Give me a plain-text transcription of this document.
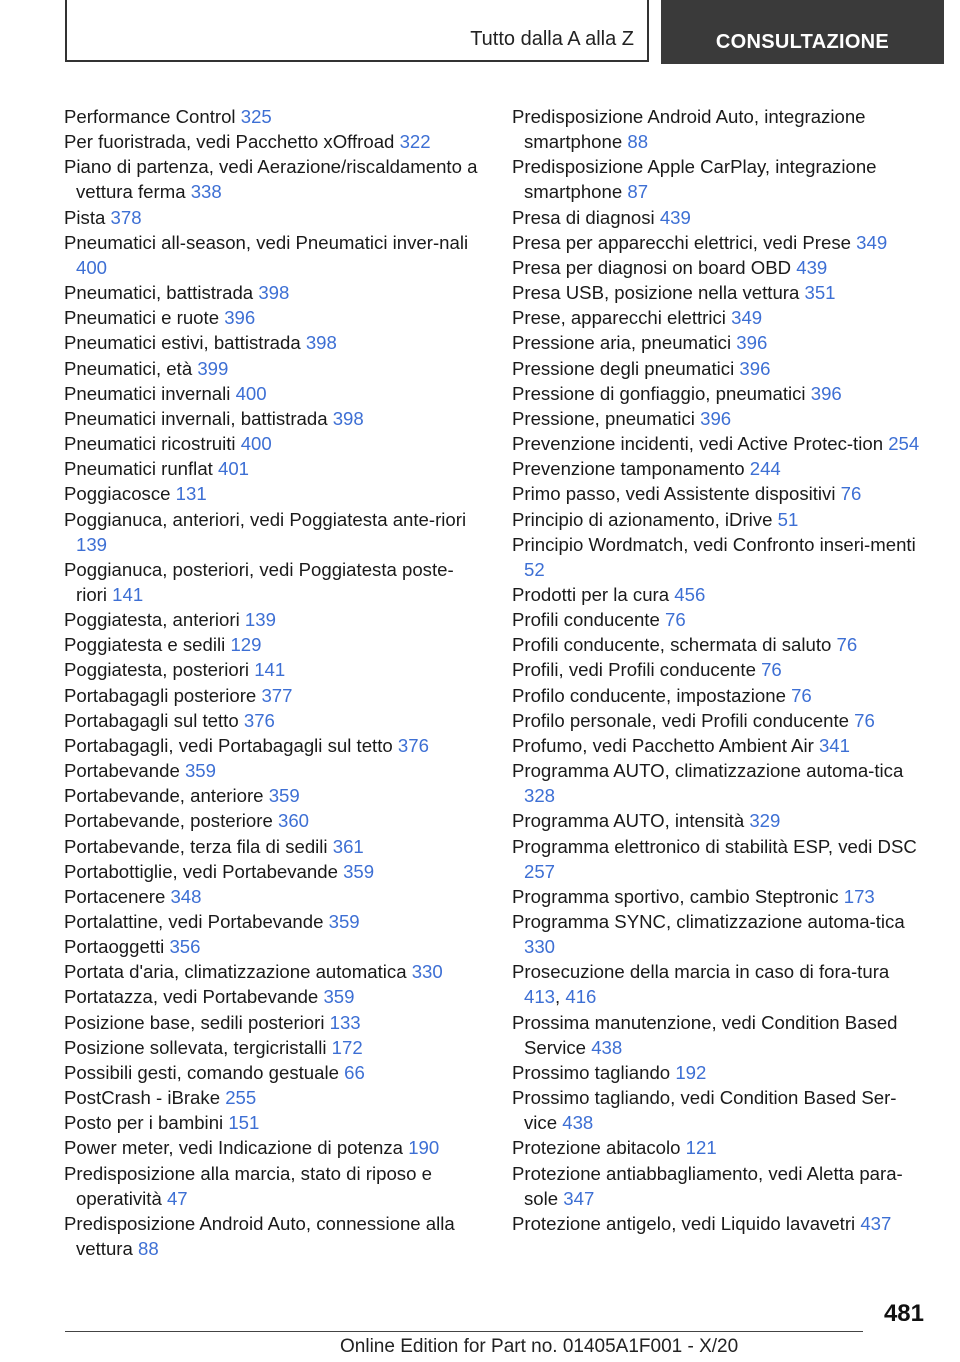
Tutto dalla A alla Z	CONSULTAZIONE
Performance Control 325
Per fuoristrada, vedi Pacchetto xOffroad 322
Piano di partenza, vedi Aerazione/riscaldamento a vettura ferma 338
Pista 378
Pneumatici all-season, vedi Pneumatici inver-nali 400
Pneumatici, battistrada 398
Pneumatici e ruote 396
Pneumatici estivi, battistrada 398
Pneumatici, età 399
Pneumatici invernali 400
Pneumatici invernali, battistrada 398
Pneumatici ricostruiti 400
Pneumatici runflat 401
Poggiacosce 131
Poggianuca, anteriori, vedi Poggiatesta ante-riori 139
Poggianuca, posteriori, vedi Poggiatesta poste-riori 141
Poggiatesta, anteriori 139
Poggiatesta e sedili 129
Poggiatesta, posteriori 141
Portabagagli posteriore 377
Portabagagli sul tetto 376
Portabagagli, vedi Portabagagli sul tetto 376
Portabevande 359
Portabevande, anteriore 359
Portabevande, posteriore 360
Portabevande, terza fila di sedili 361
Portabottiglie, vedi Portabevande 359
Portacenere 348
Portalattine, vedi Portabevande 359
Portaoggetti 356
Portata d'aria, climatizzazione automatica 330
Portatazza, vedi Portabevande 359
Posizione base, sedili posteriori 133
Posizione sollevata, tergicristalli 172
Possibili gesti, comando gestuale 66
PostCrash - iBrake 255
Posto per i bambini 151
Power meter, vedi Indicazione di potenza 190
Predisposizione alla marcia, stato di riposo e operatività 47
Predisposizione Android Auto, connessione alla vettura 88
Predisposizione Android Auto, integrazione smartphone 88
Predisposizione Apple CarPlay, integrazione smartphone 87
Presa di diagnosi 439
Presa per apparecchi elettrici, vedi Prese 349
Presa per diagnosi on board OBD 439
Presa USB, posizione nella vettura 351
Prese, apparecchi elettrici 349
Pressione aria, pneumatici 396
Pressione degli pneumatici 396
Pressione di gonfiaggio, pneumatici 396
Pressione, pneumatici 396
Prevenzione incidenti, vedi Active Protec-tion 254
Prevenzione tamponamento 244
Primo passo, vedi Assistente dispositivi 76
Principio di azionamento, iDrive 51
Principio Wordmatch, vedi Confronto inseri-menti 52
Prodotti per la cura 456
Profili conducente 76
Profili conducente, schermata di saluto 76
Profili, vedi Profili conducente 76
Profilo conducente, impostazione 76
Profilo personale, vedi Profili conducente 76
Profumo, vedi Pacchetto Ambient Air 341
Programma AUTO, climatizzazione automa-tica 328
Programma AUTO, intensità 329
Programma elettronico di stabilità ESP, vedi DSC 257
Programma sportivo, cambio Steptronic 173
Programma SYNC, climatizzazione automa-tica 330
Prosecuzione della marcia in caso di fora-tura 413, 416
Prossima manutenzione, vedi Condition Based Service 438
Prossimo tagliando 192
Prossimo tagliando, vedi Condition Based Ser-vice 438
Protezione abitacolo 121
Protezione antiabbagliamento, vedi Aletta para-sole 347
Protezione antigelo, vedi Liquido lavavetri 437
481
Online Edition for Part no. 01405A1F001 - X/20
